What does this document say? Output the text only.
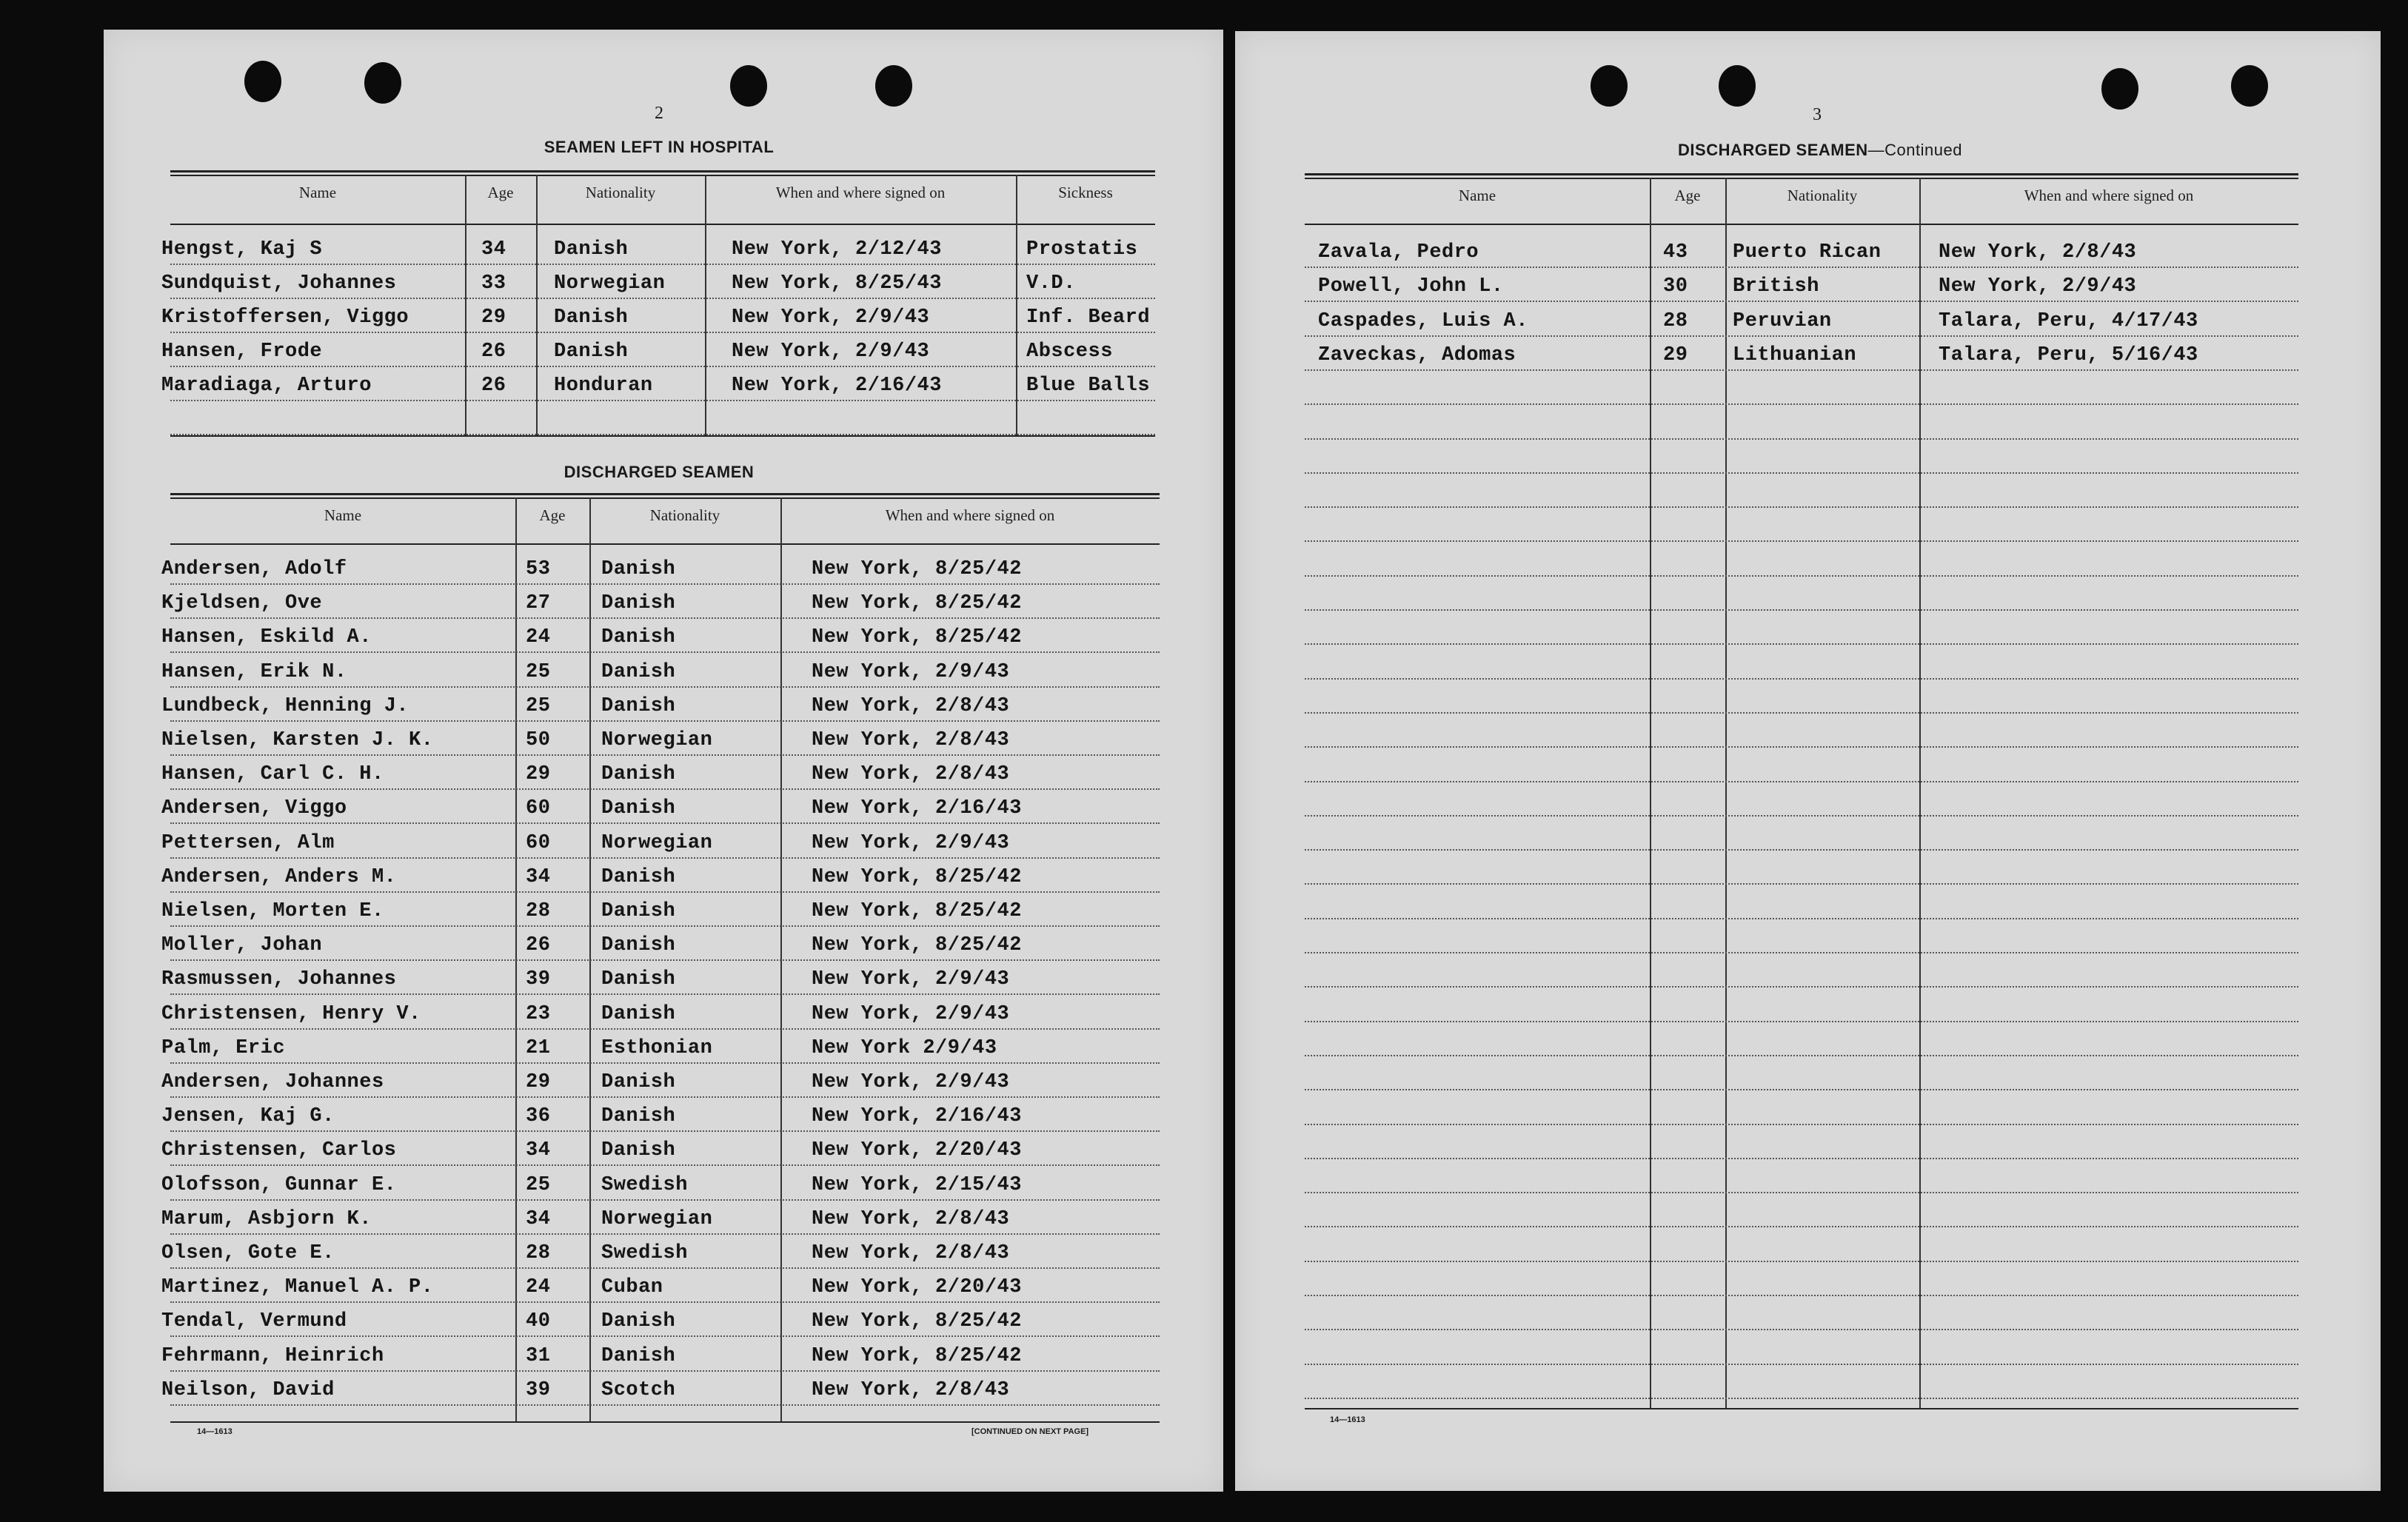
2
SEAMEN LEFT IN HOSPITAL
DISCHARGED SEAMEN
14—1613	[CONTINUED ON NEXT PAGE]
Name	Age	Nationality	When and where signed on	Sickness
Hengst, Kaj S	34 Danish	New York, 2/12/43	Prostatis
Sundquist, Johannes	33 Norwegian	New York, 8/25/43	V.D.
Kristoffersen, Viggo	29 Danish	New York, 2/9/43	Inf. Beard
Hansen, Frode	26 Danish	New York, 2/9/43	Abscess
Maradiaga, Arturo	26 Honduran	New York, 2/16/43	Blue Balls
Name	Age	Nationality	When and where signed on
Andersen, Adolf	53	Danish	New York, 8/25/42
Kjeldsen, Ove	27	Danish	New York, 8/25/42
Hansen, Eskild A.	24	Danish	New York, 8/25/42
Hansen, Erik N.	25	Danish	New York, 2/9/43
Lundbeck, Henning J.	25	Danish	New York, 2/8/43
Nielsen, Karsten J. K.	50	Norwegian	New York, 2/8/43
Hansen, Carl C. H.	29	Danish	New York, 2/8/43
Andersen, Viggo	60	Danish	New York, 2/16/43
Pettersen, Alm	60	Norwegian	New York, 2/9/43
Andersen, Anders M.	34	Danish	New York, 8/25/42
Nielsen, Morten E.	28	Danish	New York, 8/25/42
Moller, Johan	26	Danish	New York, 8/25/42
Rasmussen, Johannes	39	Danish	New York, 2/9/43
Christensen, Henry V.	23	Danish	New York, 2/9/43
Palm, Eric	21	Esthonian	New York 2/9/43
Andersen, Johannes	29	Danish	New York, 2/9/43
Jensen, Kaj G.	36	Danish	New York, 2/16/43
Christensen, Carlos	34	Danish	New York, 2/20/43
Olofsson, Gunnar E.	25	Swedish	New York, 2/15/43
Marum, Asbjorn K.	34	Norwegian	New York, 2/8/43
Olsen, Gote E.	28	Swedish	New York, 2/8/43
Martinez, Manuel A. P.	24	Cuban	New York, 2/20/43
Tendal, Vermund	40	Danish	New York, 8/25/42
Fehrmann, Heinrich	31	Danish	New York, 8/25/42
Neilson, David	39	Scotch	New York, 2/8/43
3
DISCHARGED SEAMEN—Continued
14—1613
Name	Age	Nationality	When and where signed on
Zavala, Pedro	43 Puerto Rican	New York, 2/8/43
Powell, John L.	30 British	New York, 2/9/43
Caspades, Luis A.	28 Peruvian	Talara, Peru, 4/17/43
Zaveckas, Adomas	29 Lithuanian	Talara, Peru, 5/16/43
